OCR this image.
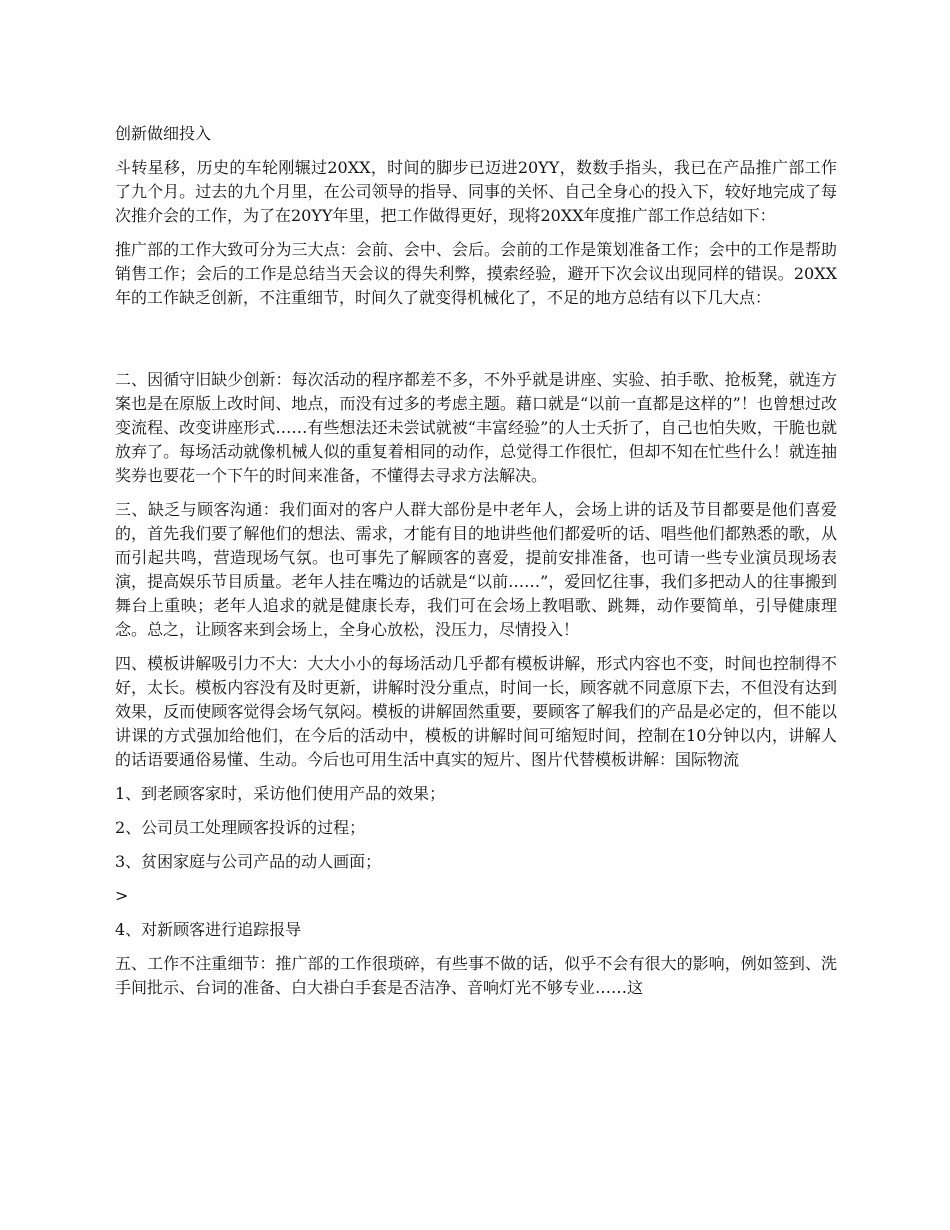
创新做细投入

斗转星移，历史的车轮刚辗过20XX，时间的脚步已迈进20YY，数数手指头，我已在产品推广部工作了九个月。过去的九个月里，在公司领导的指导、同事的关怀、自己全身心的投入下，较好地完成了每次推介会的工作，为了在20YY年里，把工作做得更好，现将20XX年度推广部工作总结如下：

推广部的工作大致可分为三大点：会前、会中、会后。会前的工作是策划准备工作；会中的工作是帮助销售工作；会后的工作是总结当天会议的得失利弊，摸索经验，避开下次会议出现同样的错误。20XX年的工作缺乏创新，不注重细节，时间久了就变得机械化了，不足的地方总结有以下几大点：

二、因循守旧缺少创新：每次活动的程序都差不多，不外乎就是讲座、实验、拍手歌、抢板凳，就连方案也是在原版上改时间、地点，而没有过多的考虑主题。藉口就是“以前一直都是这样的”！也曾想过改变流程、改变讲座形式……有些想法还未尝试就被“丰富经验”的人士夭折了，自己也怕失败，干脆也就放弃了。每场活动就像机械人似的重复着相同的动作，总觉得工作很忙，但却不知在忙些什么！就连抽奖券也要花一个下午的时间来准备，不懂得去寻求方法解决。

三、缺乏与顾客沟通：我们面对的客户人群大部份是中老年人，会场上讲的话及节目都要是他们喜爱的，首先我们要了解他们的想法、需求，才能有目的地讲些他们都爱听的话、唱些他们都熟悉的歌，从而引起共鸣，营造现场气氛。也可事先了解顾客的喜爱，提前安排准备，也可请一些专业演员现场表演，提高娱乐节目质量。老年人挂在嘴边的话就是“以前……”，爱回忆往事，我们多把动人的往事搬到舞台上重映；老年人追求的就是健康长寿，我们可在会场上教唱歌、跳舞，动作要简单，引导健康理念。总之，让顾客来到会场上，全身心放松，没压力，尽情投入！

四、模板讲解吸引力不大：大大小小的每场活动几乎都有模板讲解，形式内容也不变，时间也控制得不好，太长。模板内容没有及时更新，讲解时没分重点，时间一长，顾客就不同意原下去，不但没有达到效果，反而使顾客觉得会场气氛闷。模板的讲解固然重要，要顾客了解我们的产品是必定的，但不能以讲课的方式强加给他们，在今后的活动中，模板的讲解时间可缩短时间，控制在10分钟以内，讲解人的话语要通俗易懂、生动。今后也可用生活中真实的短片、图片代替模板讲解：国际物流

1、到老顾客家时，采访他们使用产品的效果；

2、公司员工处理顾客投诉的过程；

3、贫困家庭与公司产品的动人画面；

>

4、对新顾客进行追踪报导

五、工作不注重细节：推广部的工作很琐碎，有些事不做的话，似乎不会有很大的影响，例如签到、洗手间批示、台词的准备、白大褂白手套是否洁净、音响灯光不够专业……这
